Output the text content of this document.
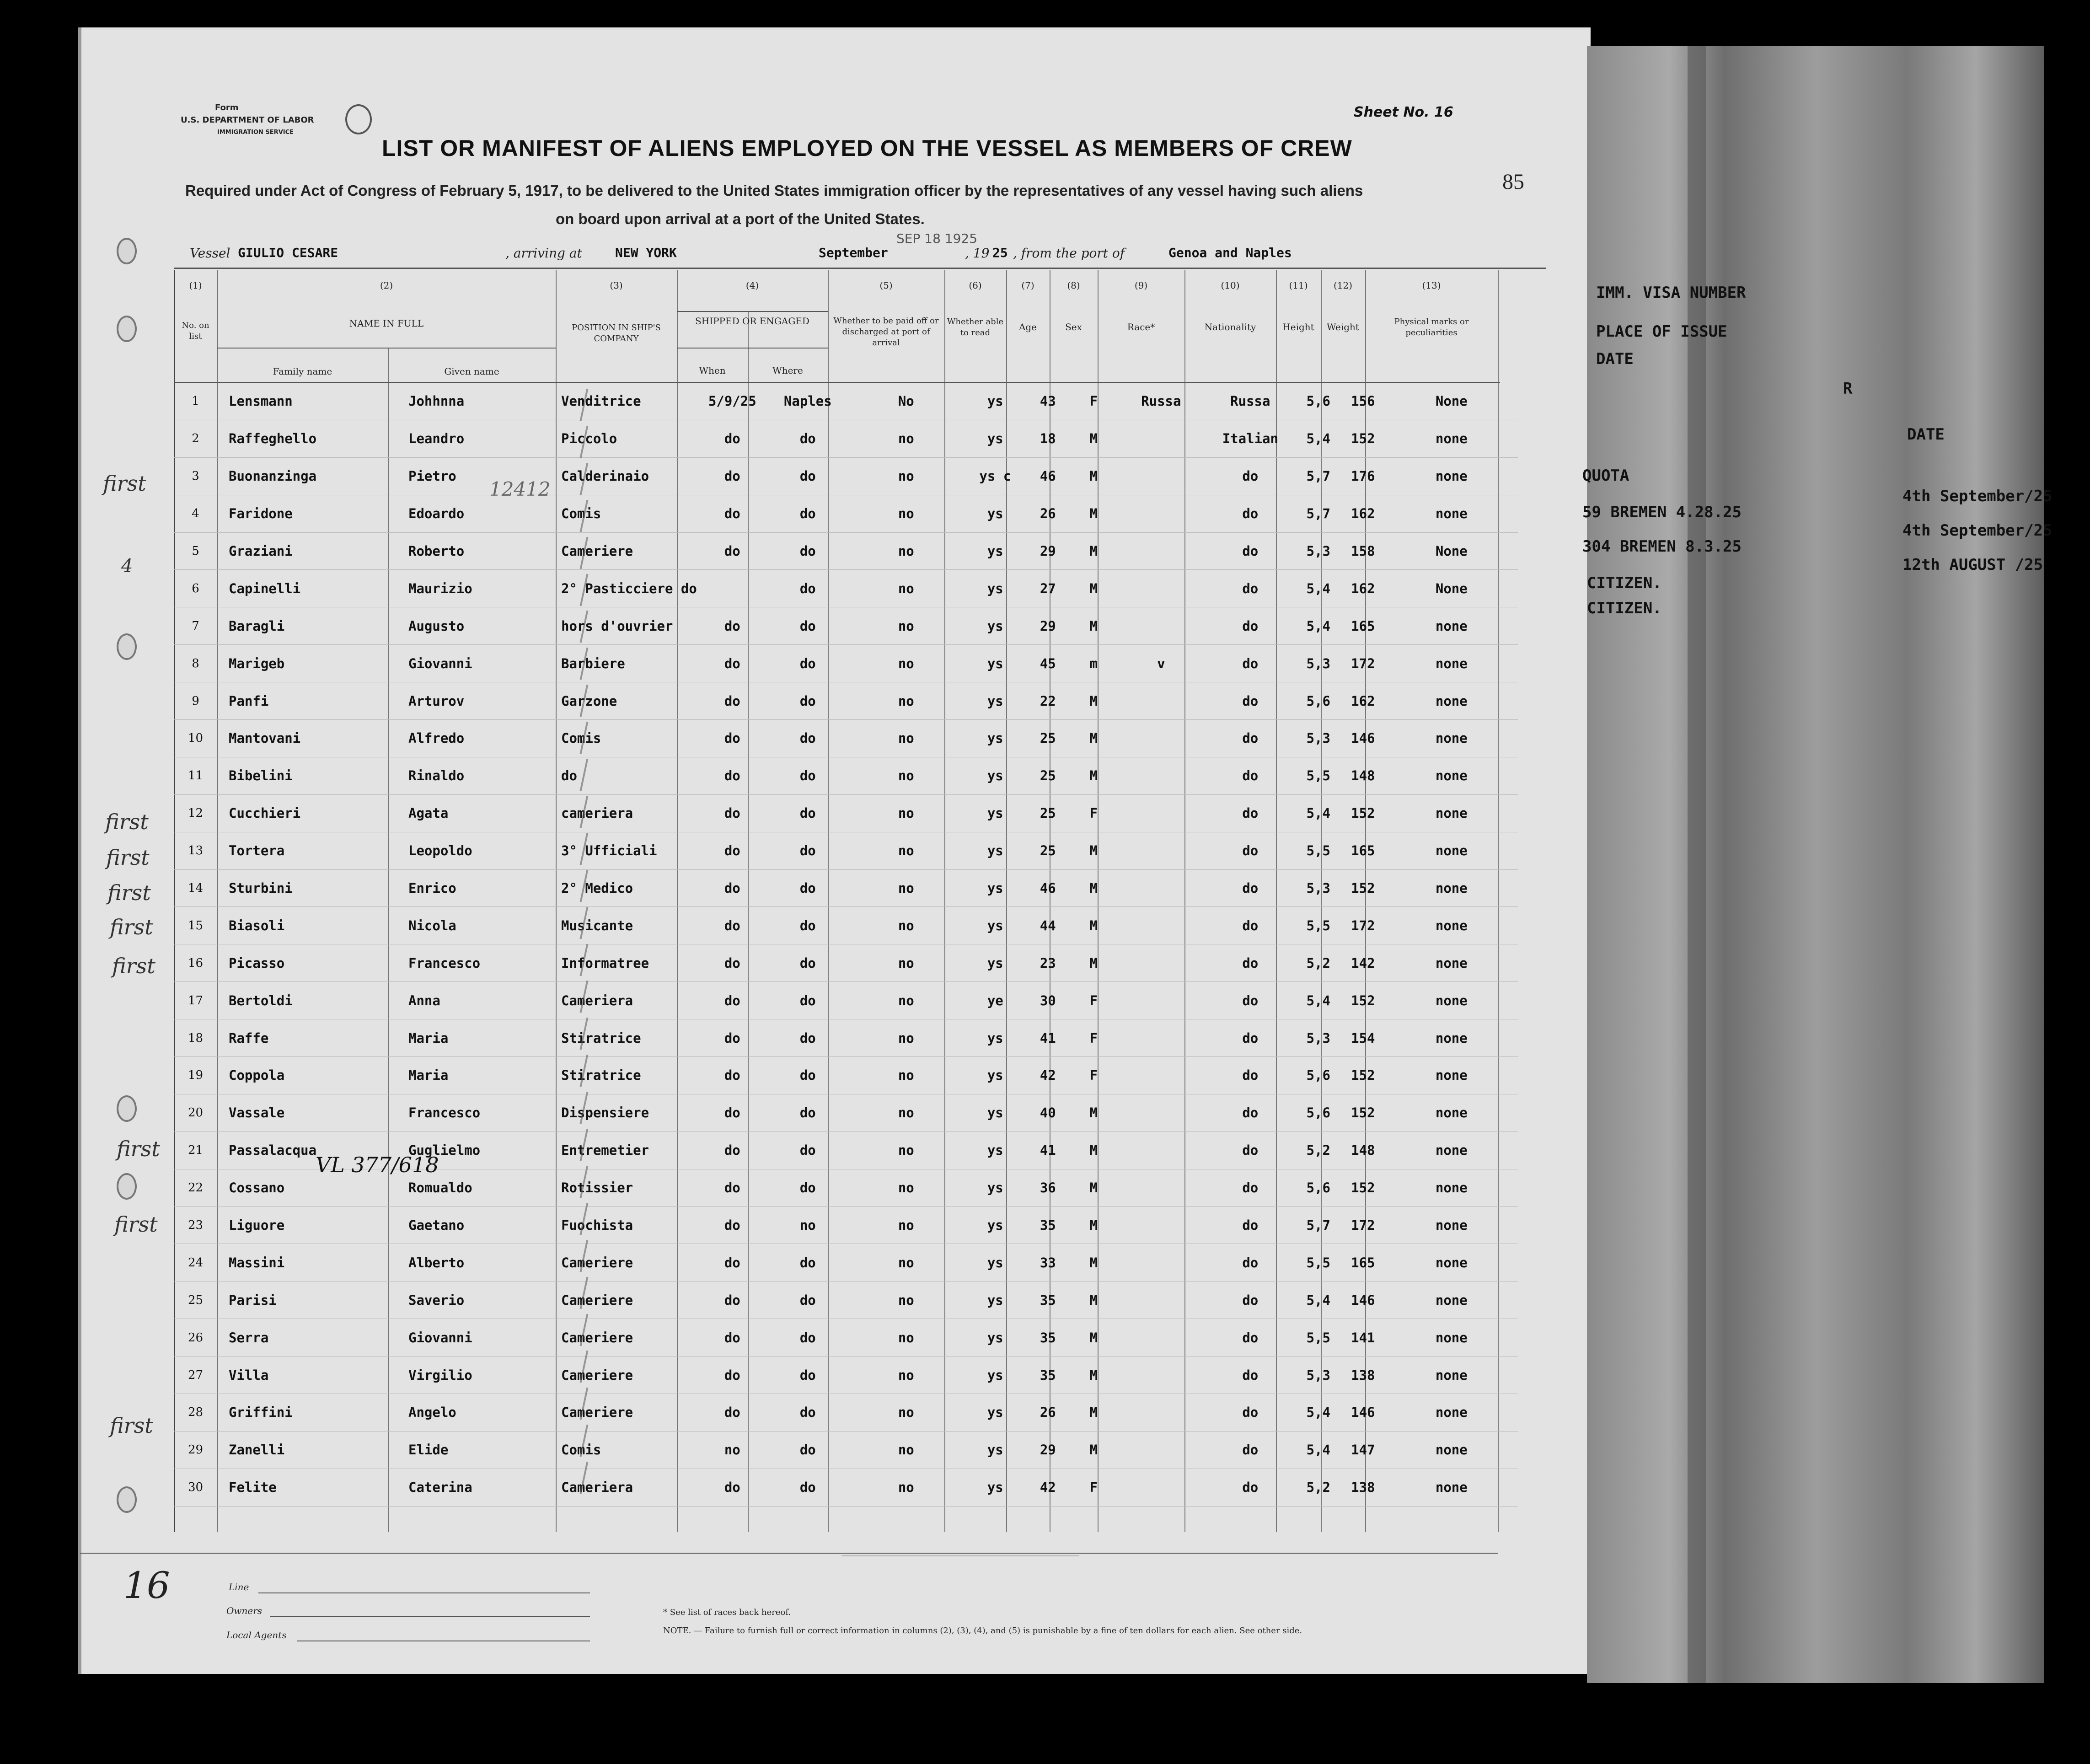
IMM. VISA NUMBER
PLACE OF ISSUE
DATE
R
DATE
QUOTA
59 BREMEN 4.28.25
304 BREMEN 8.3.25
CITIZEN.
CITIZEN.
4th September/25
4th September/25
12th AUGUST /25
Form
U.S. DEPARTMENT OF LABOR
IMMIGRATION SERVICE
Sheet No. 16
LIST OR MANIFEST OF ALIENS EMPLOYED ON THE VESSEL AS MEMBERS OF CREW
85
Required under Act of Congress of February 5, 1917, to be delivered to the United States immigration officer by the representatives of any vessel having such aliens
on board upon arrival at a port of the United States.
Vessel GIULIO CESARE	, arriving at	NEW YORK	September
SEP 18 1925
, 19 25 , from the port of	Genoa and Naples
(1)
No. on list
(2)
NAME IN FULL
Family name	Given name
(3)
POSITION IN SHIP'S COMPANY
(4)
SHIPPED OR ENGAGED
When	Where
(5)
Whether to be paid off or discharged at port of arrival
(6)
Whether able to read
(7)
Age
(8)
Sex
(9)
Race*
(10)
Nationality
(11)
Height
(12)
Weight
(13)
Physical marks or peculiarities
1	Lensmann	Johhnna	Venditrice	5/9/25	Naples	No	ys	43	F	Russa	Russa	5,6	156	None
2	Raffeghello	Leandro	Piccolo	do	do	no	ys	18	M		Italian	5,4	152	none
3	Buonanzinga	Pietro	Calderinaio	do	do	no	ys c	46	M		do	5,7	176	none
4	Faridone	Edoardo	Comis	do	do	no	ys	26	M		do	5,7	162	none
5	Graziani	Roberto	Cameriere	do	do	no	ys	29	M		do	5,3	158	None
6	Capinelli	Maurizio	2° Pasticciere do		do	no	ys	27	M		do	5,4	162	None
7	Baragli	Augusto	hors d'ouvrier	do	do	no	ys	29	M		do	5,4	165	none
8	Marigeb	Giovanni	Barbiere	do	do	no	ys	45	m	v	do	5,3	172	none
9	Panfi	Arturov	Garzone	do	do	no	ys	22	M		do	5,6	162	none
10	Mantovani	Alfredo	Comis	do	do	no	ys	25	M		do	5,3	146	none
11	Bibelini	Rinaldo	do	do	do	no	ys	25	M		do	5,5	148	none
12	Cucchieri	Agata	cameriera	do	do	no	ys	25	F		do	5,4	152	none
13	Tortera	Leopoldo	3° Ufficiali	do	do	no	ys	25	M		do	5,5	165	none
14	Sturbini	Enrico	2° Medico	do	do	no	ys	46	M		do	5,3	152	none
15	Biasoli	Nicola	Musicante	do	do	no	ys	44	M		do	5,5	172	none
16	Picasso	Francesco	Informatree	do	do	no	ys	23	M		do	5,2	142	none
17	Bertoldi	Anna	Cameriera	do	do	no	ye	30	F		do	5,4	152	none
18	Raffe	Maria	Stiratrice	do	do	no	ys	41	F		do	5,3	154	none
19	Coppola	Maria	Stiratrice	do	do	no	ys	42	F		do	5,6	152	none
20	Vassale	Francesco	Dispensiere	do	do	no	ys	40	M		do	5,6	152	none
21	Passalacqua	Guglielmo	Entremetier	do	do	no	ys	41	M		do	5,2	148	none
22	Cossano	Romualdo	Rotissier	do	do	no	ys	36	M		do	5,6	152	none
23	Liguore	Gaetano	Fuochista	do	no	no	ys	35	M		do	5,7	172	none
24	Massini	Alberto	Cameriere	do	do	no	ys	33	M		do	5,5	165	none
25	Parisi	Saverio	Cameriere	do	do	no	ys	35	M		do	5,4	146	none
26	Serra	Giovanni	Cameriere	do	do	no	ys	35	M		do	5,5	141	none
27	Villa	Virgilio	Cameriere	do	do	no	ys	35	M		do	5,3	138	none
28	Griffini	Angelo	Cameriere	do	do	no	ys	26	M		do	5,4	146	none
29	Zanelli	Elide	Comis	no	do	no	ys	29	M		do	5,4	147	none
30	Felite	Caterina	Cameriera	do	do	no	ys	42	F		do	5,2	138	none
first
4
12412
first
first
first
first
first
first
VL 377/618
first
first
16	Line
Owners
Local Agents
* See list of races back hereof.
NOTE. — Failure to furnish full or correct information in columns (2), (3), (4), and (5) is punishable by a fine of ten dollars for each alien. See other side.
